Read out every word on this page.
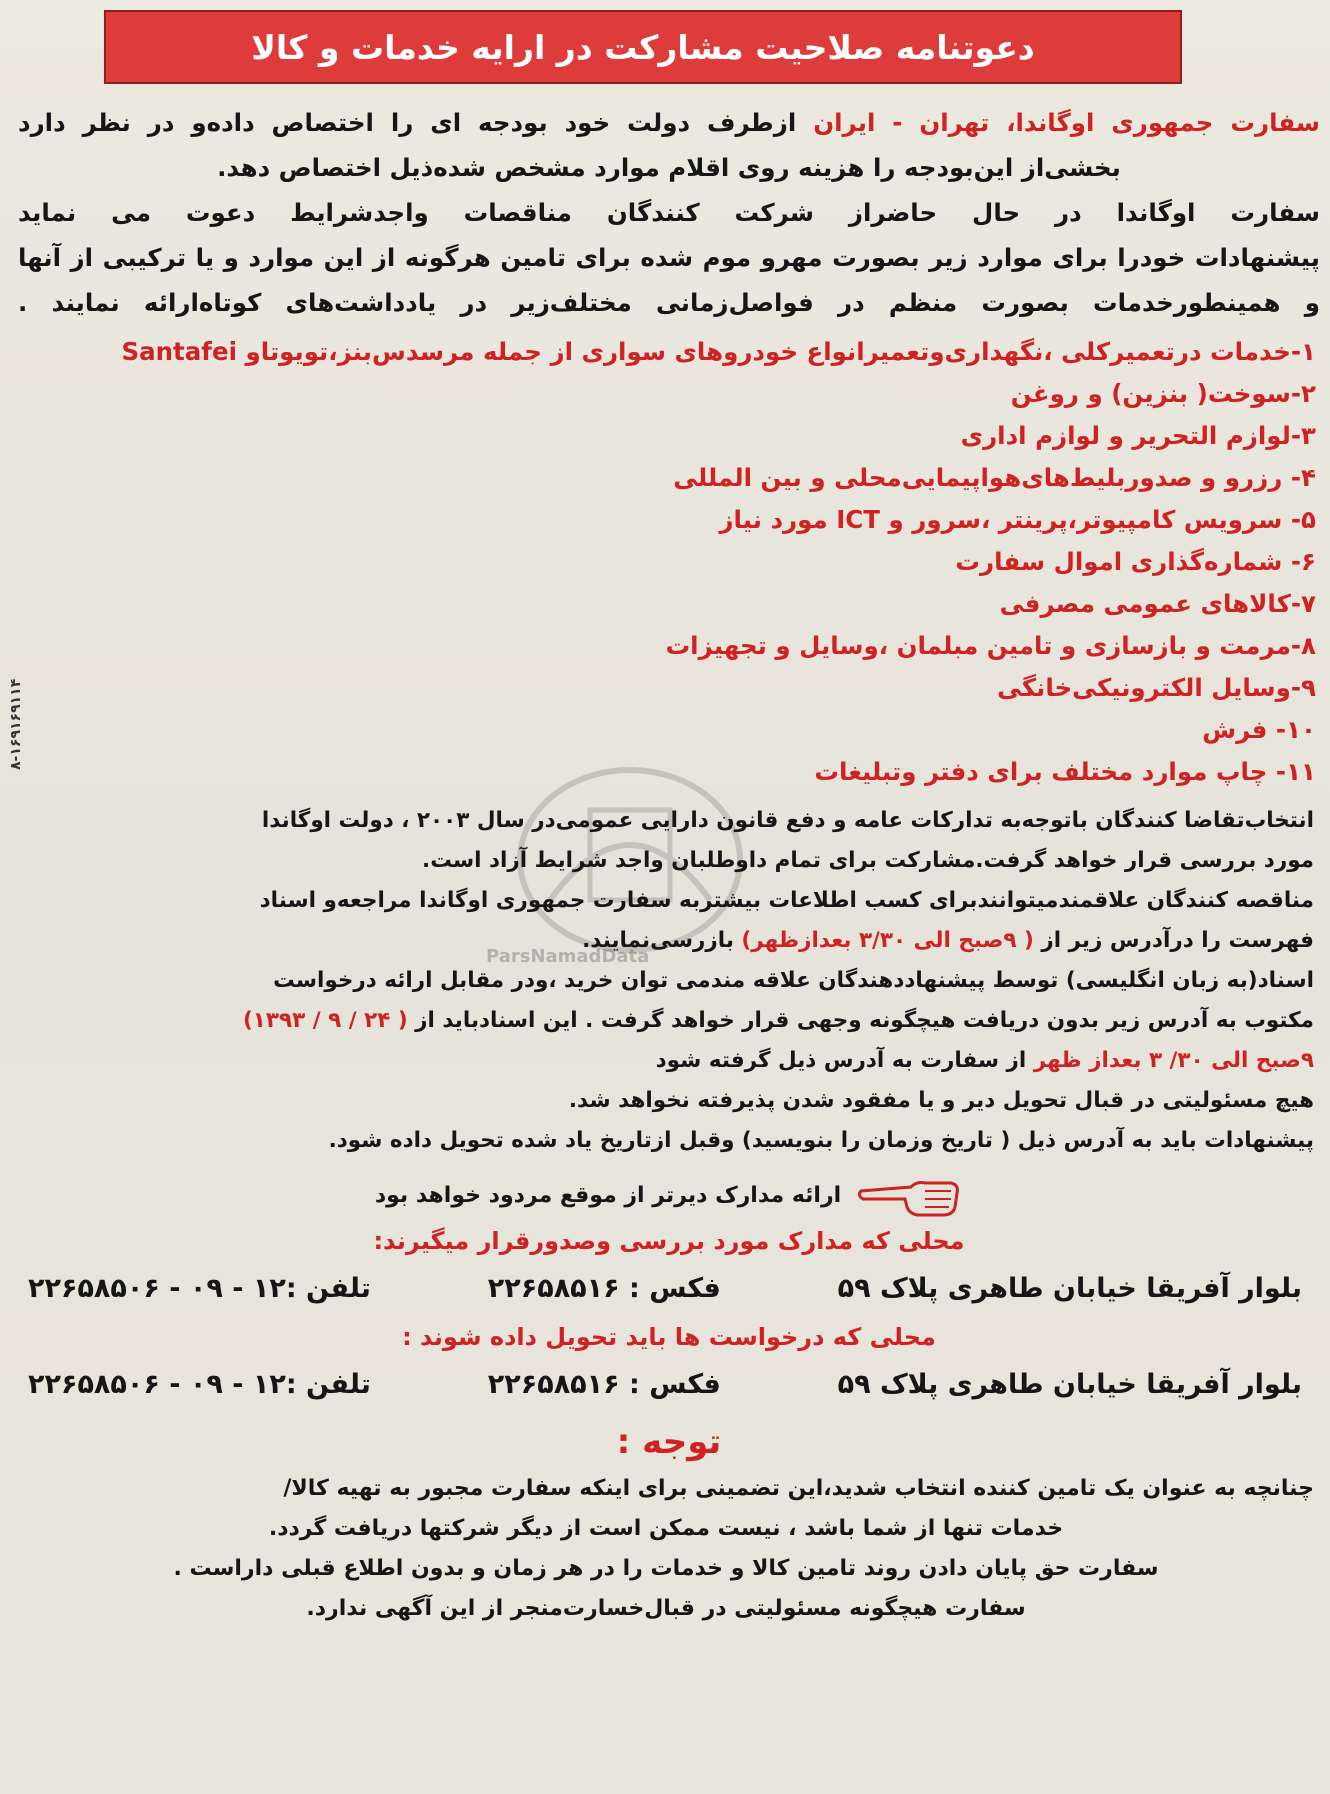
دعوتنامه صلاحیت مشارکت در ارایه خدمات و کالا
ParsNamadData
۸-۱۶۹۱۶۹۱۱۴

سفارت جمهوری اوگاندا، تهران - ایران ازطرف دولت خود بودجه ای را اختصاص داده‌و در نظر دارد

بخشی‌از این‌بودجه را هزینه روی اقلام موارد مشخص شده‌ذیل اختصاص دهد.

سفارت اوگاندا در حال حاضراز شرکت کنندگان مناقصات واجد‌شرایط دعوت می نماید

پیشنهادات خودرا برای موارد زیر بصورت مهرو موم شده برای تامین هرگونه از این موارد و یا ترکیبی از آنها

و همینطور‌خدمات بصورت منظم در فواصل‌زمانی مختلف‌زیر در یادداشت‌های کوتاه‌ارائه نمایند .

۱-خدمات درتعمیرکلی ،نگهداری‌وتعمیرانواع خودروهای سواری از جمله مرسدس‌بنز،تویوتاو Santafei
۲-سوخت( بنزین) و روغن
۳-لوازم التحریر و لوازم اداری
۴- رزرو و صدوربلیط‌های‌هواپیمایی‌محلی و بین المللی
۵- سرویس کامپیوتر،پرینتر ،سرور و ICT مورد نیاز
۶- شماره‌گذاری اموال سفارت
۷-کالاهای عمومی مصرفی
۸-مرمت و بازسازی و تامین مبلمان ،وسایل و تجهیزات
۹-وسایل الکترونیکی‌خانگی
۱۰- فرش
۱۱- چاپ موارد مختلف برای دفتر وتبلیغات

انتخاب‌تقاضا کنندگان باتوجه‌به تدارکات عامه و دفع قانون دارایی عمومی‌در سال ۲۰۰۳ ، دولت اوگاندا

مورد بررسی قرار خواهد گرفت.مشارکت برای تمام داوطلبان واجد شرایط آزاد است.

مناقصه کنندگان علاقمندمیتوانندبرای کسب اطلاعات بیشتربه سفارت جمهوری اوگاندا مراجعه‌و اسناد

فهرست را درآدرس زیر از ( ۹صبح الی ۳/۳۰ بعداز‌ظهر) بازرسی‌نمایند.

اسناد(به زبان انگلیسی) توسط پیشنهاددهندگان علاقه مندمی توان خرید ،ودر مقابل ارائه درخواست

مکتوب به آدرس زیر بدون دریافت هیچگونه وجهی قرار خواهد گرفت . این اسنادباید از ( ۲۴ / ۹ / ۱۳۹۳)

۹صبح الی ۳۰/ ۳ بعداز ظهر از سفارت به آدرس ذیل گرفته شود

هیچ مسئولیتی در قبال تحویل دیر و یا مفقود شدن پذیرفته نخواهد شد.

پیشنهادات باید به آدرس ذیل ( تاریخ وزمان را بنویسید) وقبل ازتاریخ یاد شده تحویل داده شود.

ارائه مدارک دیرتر از موقع مردود خواهد بود
محلی که مدارک مورد بررسی وصدورقرار میگیرند:
بلوار آفریقا خیابان طاهری پلاک ۵۹
فکس : ۲۲۶۵۸۵۱۶
تلفن :۱۲ - ۰۹ - ۲۲۶۵۸۵۰۶
محلی که درخواست ها باید تحویل داده شوند :
بلوار آفریقا خیابان طاهری پلاک ۵۹
فکس : ۲۲۶۵۸۵۱۶
تلفن :۱۲ - ۰۹ - ۲۲۶۵۸۵۰۶
توجه :

چنانچه به عنوان یک تامین کننده انتخاب شدید،این تضمینی برای اینکه سفارت مجبور به تهیه کالا/

خدمات تنها از شما باشد ، نیست ممکن است از دیگر شرکتها دریافت گردد.

سفارت حق پایان دادن روند تامین کالا و خدمات را در هر زمان و بدون اطلاع قبلی داراست .

سفارت هیچگونه مسئولیتی در قبال‌خسارت‌منجر از این آگهی ندارد.
